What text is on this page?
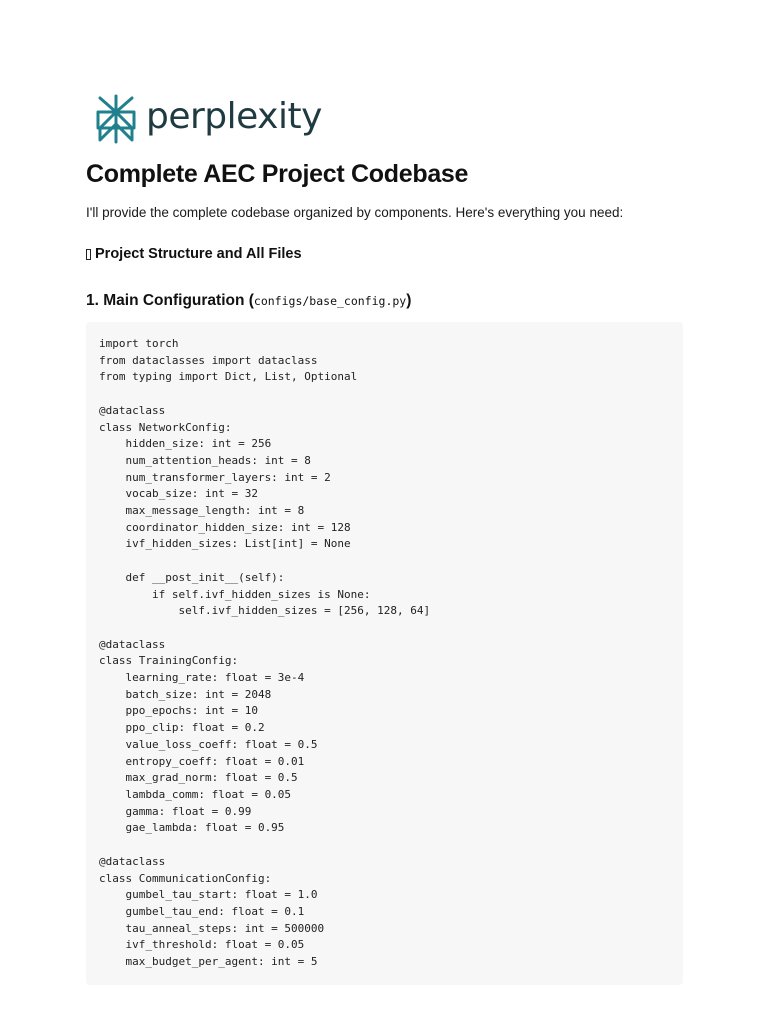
perplexity
Complete AEC Project Codebase

I'll provide the complete codebase organized by components. Here's everything you need:

Project Structure and All Files
1. Main Configuration (configs/base_config.py)
import torch
from dataclasses import dataclass
from typing import Dict, List, Optional

@dataclass
class NetworkConfig:
hidden_size: int = 256
num_attention_heads: int = 8
num_transformer_layers: int = 2
vocab_size: int = 32
max_message_length: int = 8
coordinator_hidden_size: int = 128
ivf_hidden_sizes: List[int] = None

def __post_init__(self):
if self.ivf_hidden_sizes is None:
self.ivf_hidden_sizes = [256, 128, 64]

@dataclass
class TrainingConfig:
learning_rate: float = 3e-4
batch_size: int = 2048
ppo_epochs: int = 10
ppo_clip: float = 0.2
value_loss_coeff: float = 0.5
entropy_coeff: float = 0.01
max_grad_norm: float = 0.5
lambda_comm: float = 0.05
gamma: float = 0.99
gae_lambda: float = 0.95

@dataclass
class CommunicationConfig:
gumbel_tau_start: float = 1.0
gumbel_tau_end: float = 0.1
tau_anneal_steps: int = 500000
ivf_threshold: float = 0.05
max_budget_per_agent: int = 5
